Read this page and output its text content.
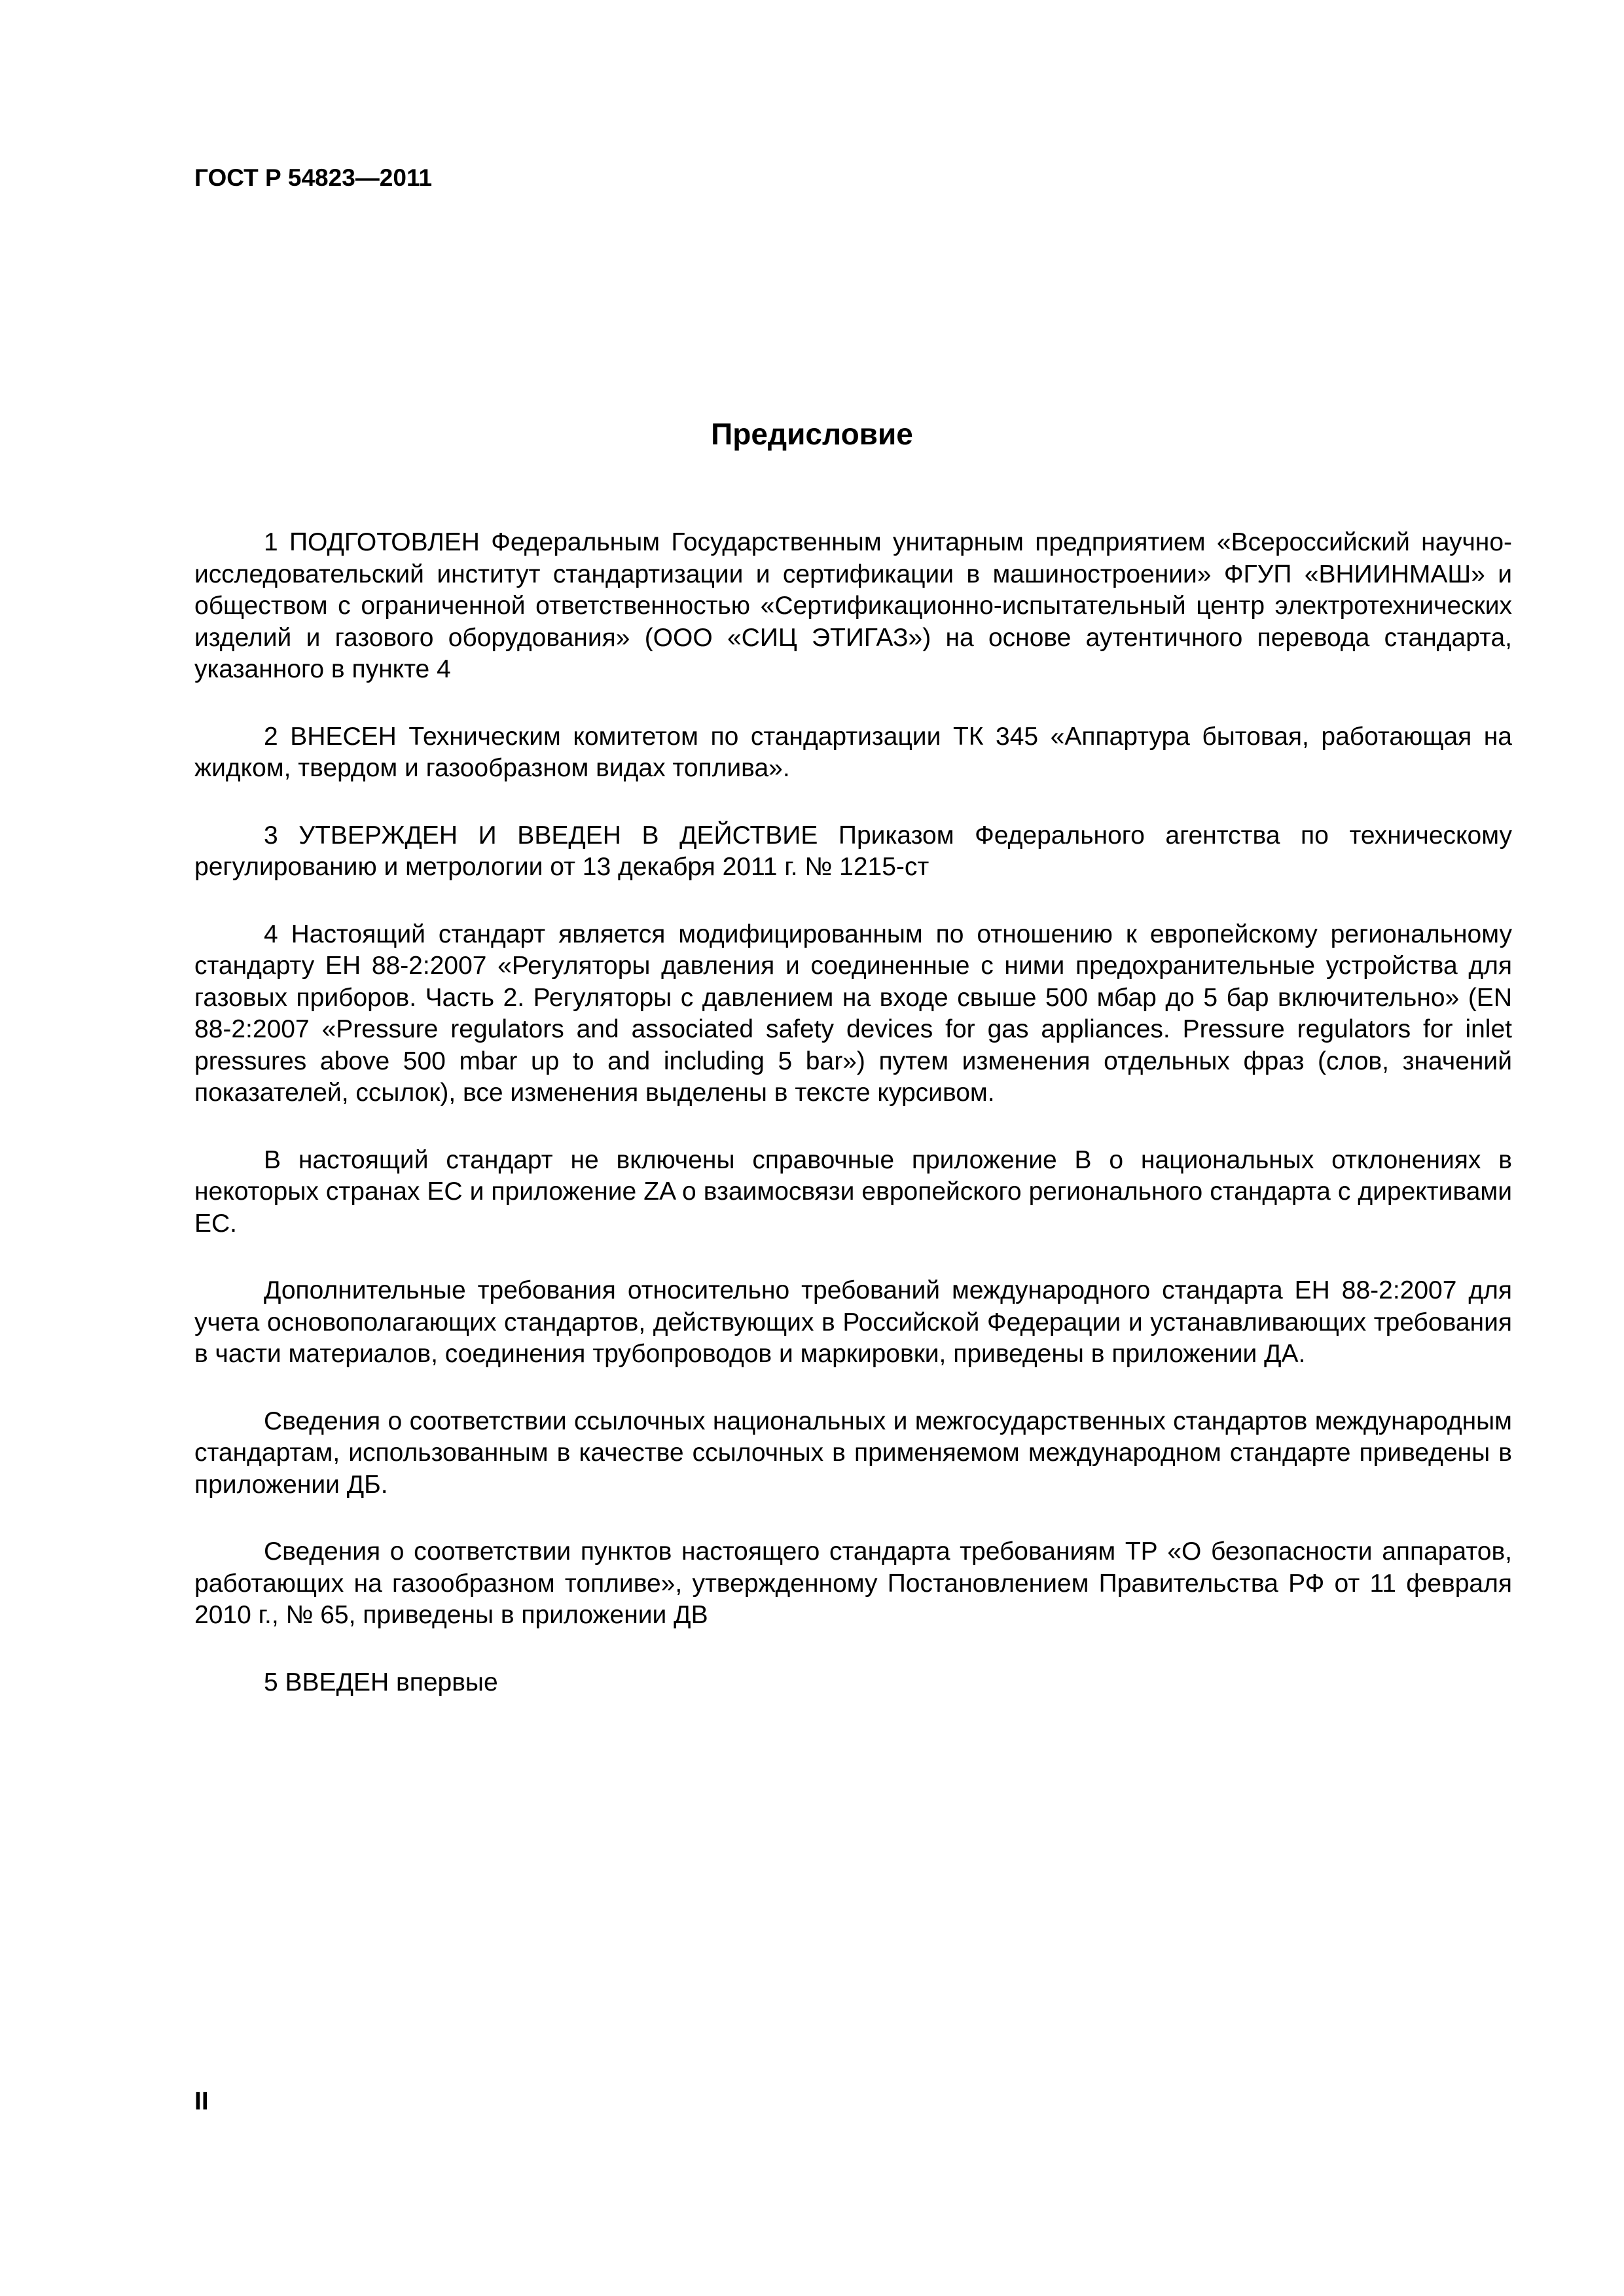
ГОСТ Р 54823—2011
Предисловие

1 ПОДГОТОВЛЕН Федеральным Государственным унитарным предприятием «Всероссийский научно-исследовательский институт стандартизации и сертификации в машиностроении» ФГУП «ВНИИНМАШ» и обществом с ограниченной ответственностью «Сертификационно-испытательный центр электротехнических изделий и газового оборудования» (ООО «СИЦ ЭТИГАЗ») на основе аутентичного перевода стандарта, указанного в пункте 4

2 ВНЕСЕН Техническим комитетом по стандартизации ТК 345 «Аппартура бытовая, работающая на жидком, твердом и газообразном видах топлива».

3 УТВЕРЖДЕН И ВВЕДЕН В ДЕЙСТВИЕ Приказом Федерального агентства по техническому регулированию и метрологии от 13 декабря 2011 г. № 1215-ст

4 Настоящий стандарт является модифицированным по отношению к европейскому региональному стандарту ЕН 88-2:2007 «Регуляторы давления и соединенные с ними предохранительные устройства для газовых приборов. Часть 2. Регуляторы с давлением на входе свыше 500 мбар до 5 бар включительно» (EN 88-2:2007 «Pressure regulators and associated safety devices for gas appliances. Pressure regulators for inlet pressures above 500 mbar up to and including 5 bar») путем изменения отдельных фраз (слов, значений показателей, ссылок), все изменения выделены в тексте курсивом.

В настоящий стандарт не включены справочные приложение В о национальных отклонениях в некоторых странах ЕС и приложение ZA о взаимосвязи европейского регионального стандарта с директивами ЕС.

Дополнительные требования относительно требований международного стандарта ЕН 88-2:2007 для учета основополагающих стандартов, действующих в Российской Федерации и устанавливающих требования в части материалов, соединения трубопроводов и маркировки, приведены в приложении ДА.

Сведения о соответствии ссылочных национальных и межгосударственных стандартов международным стандартам, использованным в качестве ссылочных в применяемом международном стандарте приведены в приложении ДБ.

Сведения о соответствии пунктов настоящего стандарта требованиям ТР «О безопасности аппаратов, работающих на газообразном топливе», утвержденному Постановлением Правительства РФ от 11 февраля 2010 г., № 65, приведены в приложении ДВ

5 ВВЕДЕН впервые

II
